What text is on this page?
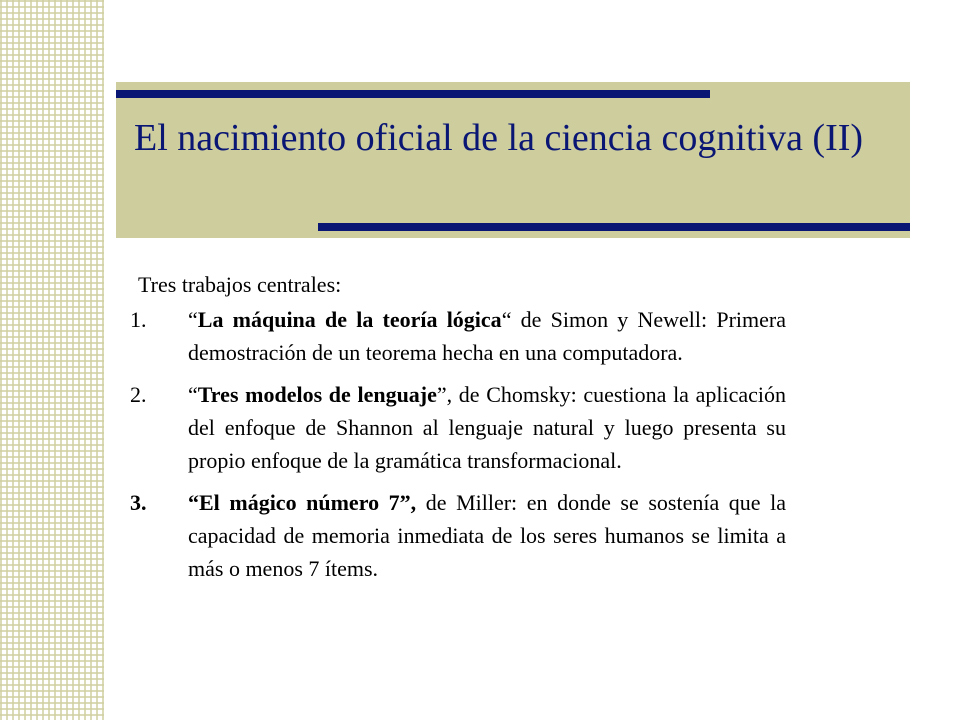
El nacimiento oficial de la ciencia cognitiva (II)

Tres trabajos centrales:

1. “La máquina de la teoría lógica“ de Simon y Newell: Primera demostración de un teorema hecha en una computadora.
2. “Tres modelos de lenguaje”, de Chomsky: cuestiona la aplicación del enfoque de Shannon al lenguaje natural y luego presenta su propio enfoque de la gramática transformacional.
3. “El mágico número 7”, de Miller: en donde se sostenía que la capacidad de memoria inmediata de los seres humanos se limita a más o menos 7 ítems.
